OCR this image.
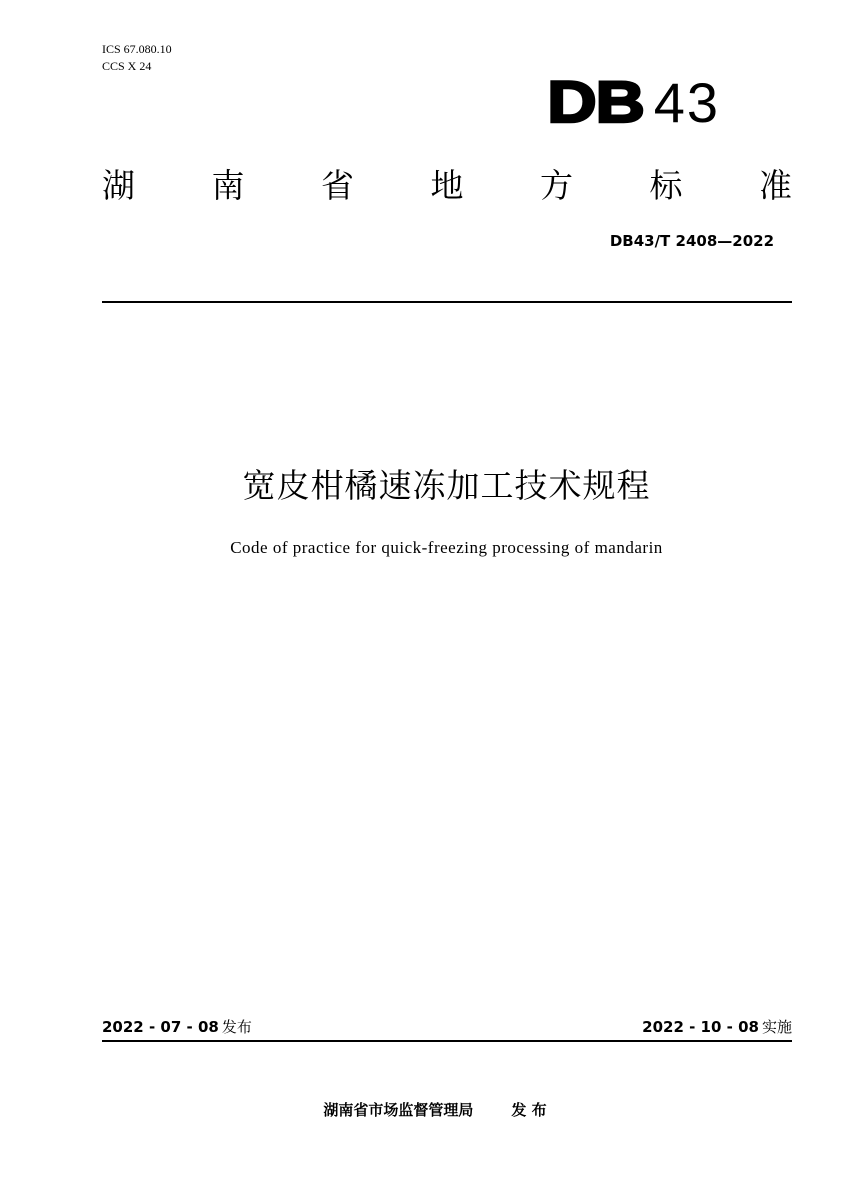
ICS 67.080.10
CCS X 24
DB 43
湖 南 省 地 方 标 准
DB43/T 2408—2022
宽皮柑橘速冻加工技术规程
Code of practice for quick-freezing processing of mandarin
2022 - 07 - 08 发布	2022 - 10 - 08 实施
湖南省市场监督管理局	发 布
